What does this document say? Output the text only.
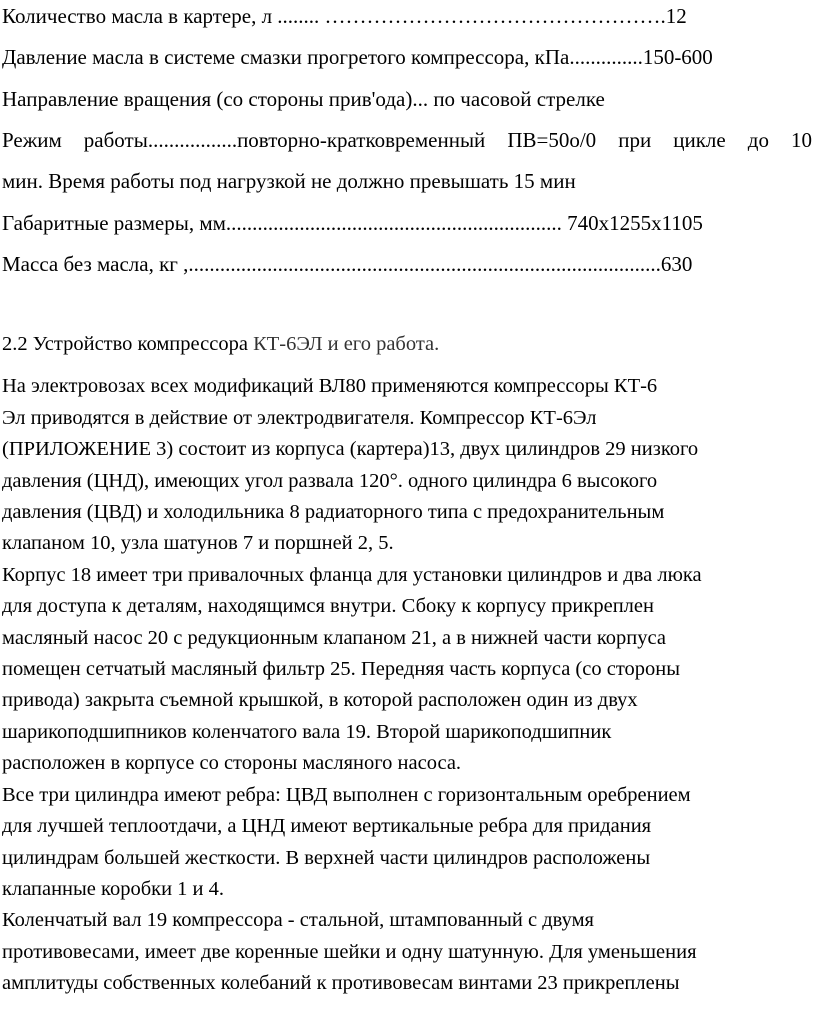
Количество масла в картере, л ........ ………………………………………….12
Давление масла в системе смазки прогретого компрессора, кПа..............150-600
Направление вращения (со стороны прив'ода)... по часовой стрелке
Режим работы.................повторно-кратковременный ПВ=50о/0 при цикле до 10
мин. Время работы под нагрузкой не должно превышать 15 мин
Габаритные размеры, мм................................................................ 740x1255x1105
Масса без масла, кг ,..........................................................................................630
2.2 Устройство компрессора КТ-6ЭЛ и его работа.
На электровозах всех модификаций ВЛ80 применяются компрессоры КТ-6
Эл приводятся в действие от электродвигателя. Компрессор КТ-6Эл
(ПРИЛОЖЕНИЕ 3) состоит из корпуса (картера)13, двух цилиндров 29 низкого
давления (ЦНД), имеющих угол развала 120°. одного цилиндра 6 высокого
давления (ЦВД) и холодильника 8 радиаторного типа с предохранительным
клапаном 10, узла шатунов 7 и поршней 2, 5.
Корпус 18 имеет три привалочных фланца для установки цилиндров и два люка
для доступа к деталям, находящимся внутри. Сбоку к корпусу прикреплен
масляный насос 20 с редукционным клапаном 21, а в нижней части корпуса
помещен сетчатый масляный фильтр 25. Передняя часть корпуса (со стороны
привода) закрыта съемной крышкой, в которой расположен один из двух
шарикоподшипников коленчатого вала 19. Второй шарикоподшипник
расположен в корпусе со стороны масляного насоса.
Все три цилиндра имеют ребра: ЦВД выполнен с горизонтальным оребрением
для лучшей теплоотдачи, а ЦНД имеют вертикальные ребра для придания
цилиндрам большей жесткости. В верхней части цилиндров расположены
клапанные коробки 1 и 4.
Коленчатый вал 19 компрессора - стальной, штампованный с двумя
противовесами, имеет две коренные шейки и одну шатунную. Для уменьшения
амплитуды собственных колебаний к противовесам винтами 23 прикреплены
